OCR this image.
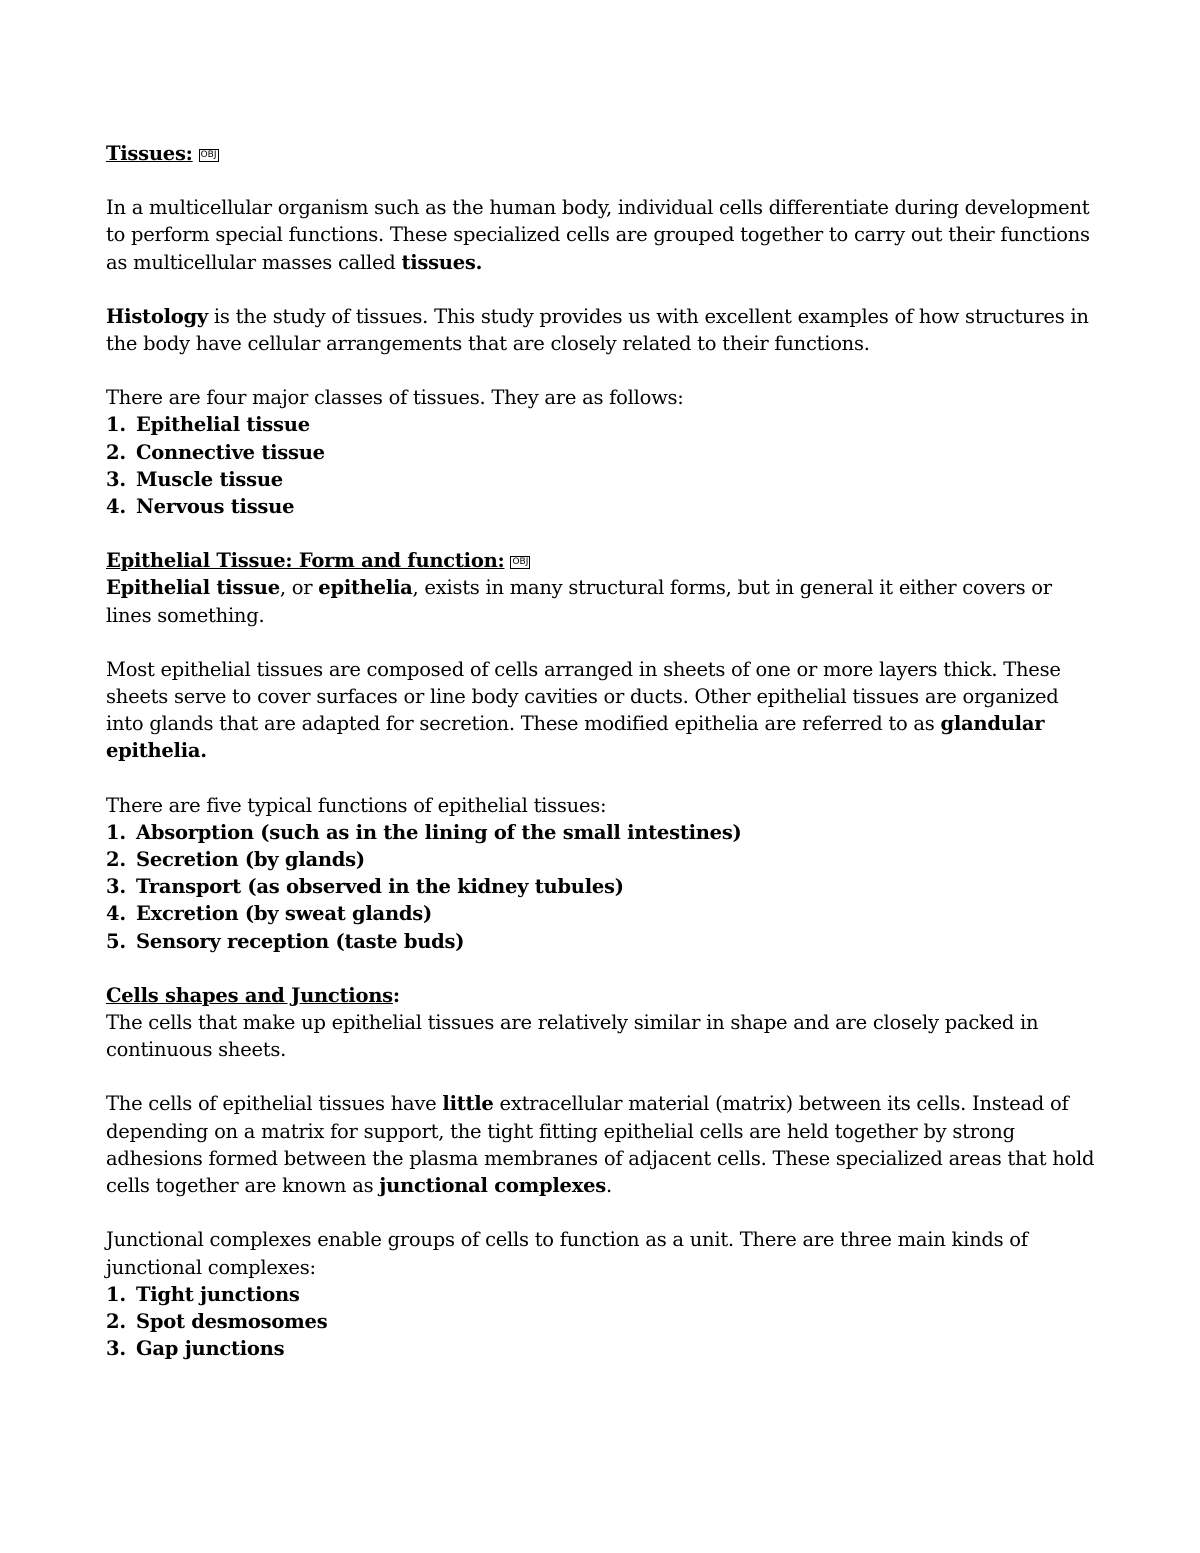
Tissues: OBJ

In a multicellular organism such as the human body, individual cells differentiate during development to perform special functions. These specialized cells are grouped together to carry out their functions as multicellular masses called tissues.

Histology is the study of tissues. This study provides us with excellent examples of how structures in the body have cellular arrangements that are closely related to their functions.

There are four major classes of tissues. They are as follows:

1. Epithelial tissue
2. Connective tissue
3. Muscle tissue
4. Nervous tissue

Epithelial Tissue: Form and function: OBJ

Epithelial tissue, or epithelia, exists in many structural forms, but in general it either covers or lines something.

Most epithelial tissues are composed of cells arranged in sheets of one or more layers thick. These sheets serve to cover surfaces or line body cavities or ducts. Other epithelial tissues are organized into glands that are adapted for secretion. These modified epithelia are referred to as glandular epithelia.

There are five typical functions of epithelial tissues:

1. Absorption (such as in the lining of the small intestines)
2. Secretion (by glands)
3. Transport (as observed in the kidney tubules)
4. Excretion (by sweat glands)
5. Sensory reception (taste buds)

Cells shapes and Junctions:

The cells that make up epithelial tissues are relatively similar in shape and are closely packed in continuous sheets.

The cells of epithelial tissues have little extracellular material (matrix) between its cells. Instead of depending on a matrix for support, the tight fitting epithelial cells are held together by strong adhesions formed between the plasma membranes of adjacent cells. These specialized areas that hold cells together are known as junctional complexes.

Junctional complexes enable groups of cells to function as a unit. There are three main kinds of junctional complexes:

1. Tight junctions
2. Spot desmosomes
3. Gap junctions
